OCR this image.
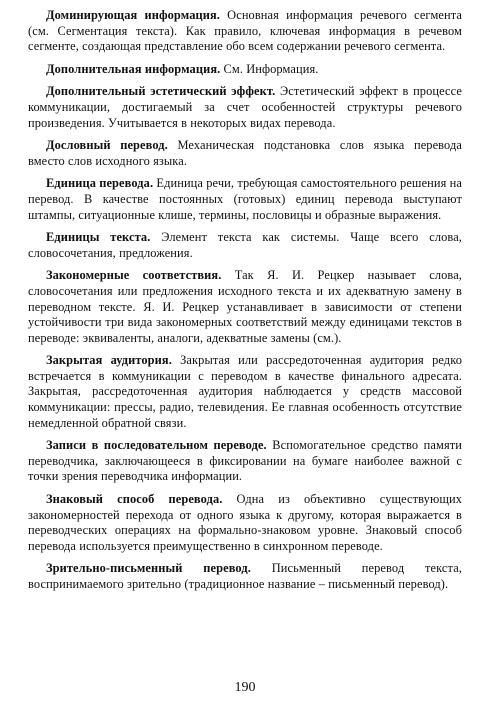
Доминирующая информация. Основная информация речевого сегмента (см. Сегментация текста). Как правило, ключевая информация в речевом сегменте, создающая представление обо всем содержании речевого сегмента.

Дополнительная информация. См. Информация.

Дополнительный эстетический эффект. Эстетический эффект в процессе коммуникации, достигаемый за счет особенностей структуры речевого произведения. Учитывается в некоторых видах перевода.

Дословный перевод. Механическая подстановка слов языка перевода вместо слов исходного языка.

Единица перевода. Единица речи, требующая самостоятельного решения на перевод. В качестве постоянных (готовых) единиц перевода выступают штампы, ситуационные клише, термины, пословицы и образные выражения.

Единицы текста. Элемент текста как системы. Чаще всего слова, словосочетания, предложения.

Закономерные соответствия. Так Я. И. Рецкер называет слова, словосочетания или предложения исходного текста и их адекватную замену в переводном тексте. Я. И. Рецкер устанавливает в зависимости от степени устойчивости три вида закономерных соответствий между единицами текстов в переводе: эквиваленты, аналоги, адекватные замены (см.).

Закрытая аудитория. Закрытая или рассредоточенная аудитория редко встречается в коммуникации с переводом в качестве финального адресата. Закрытая, рассредоточенная аудитория наблюдается у средств массовой коммуникации: прессы, радио, телевидения. Ее главная особенность отсутствие немедленной обратной связи.

Записи в последовательном переводе. Вспомогательное средство памяти переводчика, заключающееся в фиксировании на бумаге наиболее важной с точки зрения переводчика информации.

Знаковый способ перевода. Одна из объективно существующих закономерностей перехода от одного языка к другому, которая выражается в переводческих операциях на формально-знаковом уровне. Знаковый способ перевода используется преимущественно в синхронном переводе.

Зрительно-письменный перевод. Письменный перевод текста, воспринимаемого зрительно (традиционное название – письменный перевод).

190
